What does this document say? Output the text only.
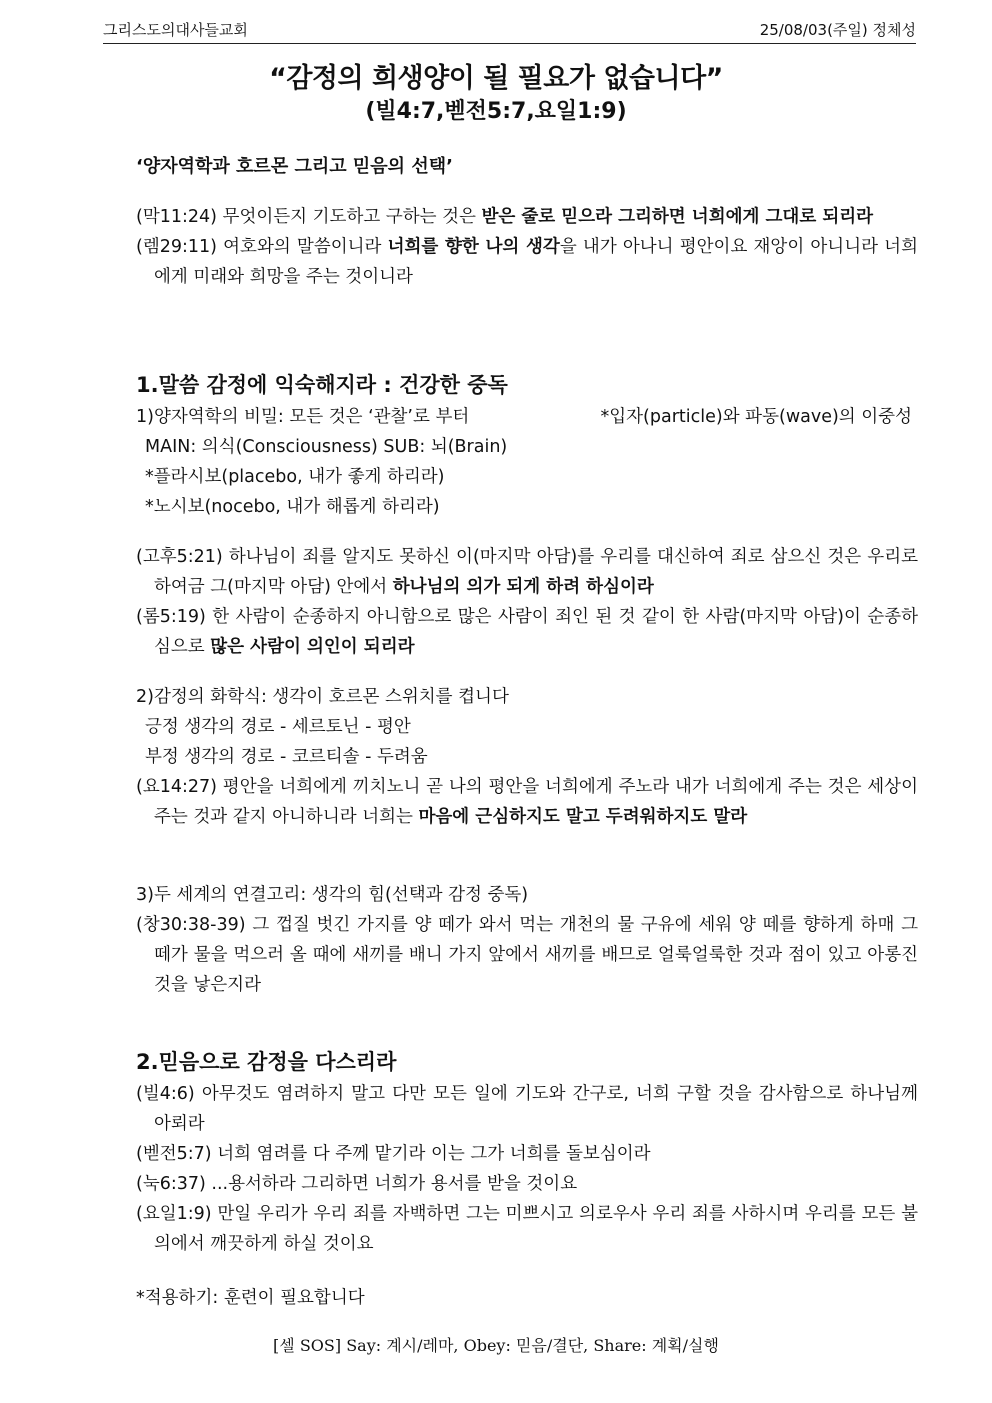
그리스도의대사들교회	25/08/03(주일) 정체성
“감정의 희생양이 될 필요가 없습니다”
(빌4:7,벧전5:7,요일1:9)
‘양자역학과 호르몬 그리고 믿음의 선택’

(막11:24) 무엇이든지 기도하고 구하는 것은 받은 줄로 믿으라 그리하면 너희에게 그대로 되리라

(렘29:11) 여호와의 말씀이니라 너희를 향한 나의 생각을 내가 아나니 평안이요 재앙이 아니니라 너희에게 미래와 희망을 주는 것이니라

1.말씀 감정에 익숙해지라 : 건강한 중독

1)양자역학의 비밀: 모든 것은 ‘관찰’로 부터	*입자(particle)와 파동(wave)의 이중성

MAIN: 의식(Consciousness) SUB: 뇌(Brain)

*플라시보(placebo, 내가 좋게 하리라)

*노시보(nocebo, 내가 해롭게 하리라)

(고후5:21) 하나님이 죄를 알지도 못하신 이(마지막 아담)를 우리를 대신하여 죄로 삼으신 것은 우리로 하여금 그(마지막 아담) 안에서 하나님의 의가 되게 하려 하심이라

(롬5:19) 한 사람이 순종하지 아니함으로 많은 사람이 죄인 된 것 같이 한 사람(마지막 아담)이 순종하심으로 많은 사람이 의인이 되리라

2)감정의 화학식: 생각이 호르몬 스위치를 켭니다

긍정 생각의 경로 - 세르토닌 - 평안

부정 생각의 경로 - 코르티솔 - 두려움

(요14:27) 평안을 너희에게 끼치노니 곧 나의 평안을 너희에게 주노라 내가 너희에게 주는 것은 세상이 주는 것과 같지 아니하니라 너희는 마음에 근심하지도 말고 두려워하지도 말라

3)두 세계의 연결고리: 생각의 힘(선택과 감정 중독)

(창30:38-39) 그 껍질 벗긴 가지를 양 떼가 와서 먹는 개천의 물 구유에 세워 양 떼를 향하게 하매 그 떼가 물을 먹으러 올 때에 새끼를 배니 가지 앞에서 새끼를 배므로 얼룩얼룩한 것과 점이 있고 아롱진 것을 낳은지라

2.믿음으로 감정을 다스리라

(빌4:6) 아무것도 염려하지 말고 다만 모든 일에 기도와 간구로, 너희 구할 것을 감사함으로 하나님께 아뢰라

(벧전5:7) 너희 염려를 다 주께 맡기라 이는 그가 너희를 돌보심이라

(눅6:37) ...용서하라 그리하면 너희가 용서를 받을 것이요

(요일1:9) 만일 우리가 우리 죄를 자백하면 그는 미쁘시고 의로우사 우리 죄를 사하시며 우리를 모든 불의에서 깨끗하게 하실 것이요

*적용하기: 훈련이 필요합니다
[셀 SOS] Say: 계시/레마, Obey: 믿음/결단, Share: 계획/실행
